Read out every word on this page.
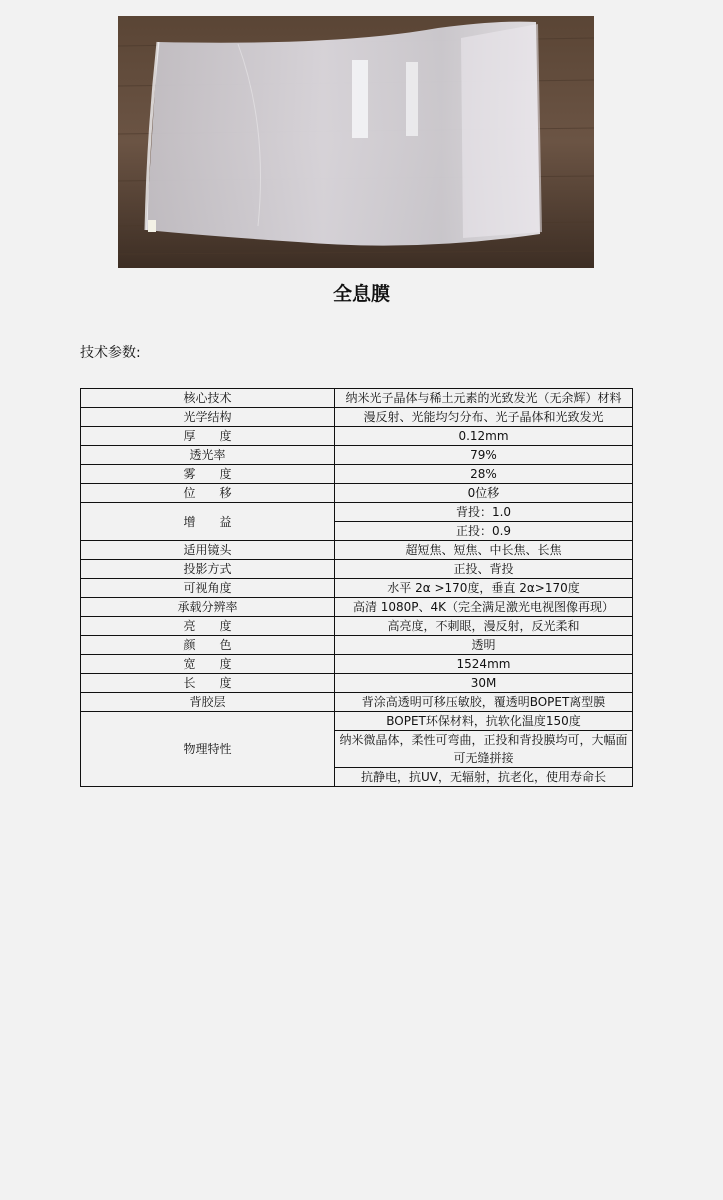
全息膜
技术参数:
核心技术	纳米光子晶体与稀土元素的光致发光（无余辉）材料
光学结构	漫反射、光能均匀分布、光子晶体和光致发光
厚　　度	0.12mm
透光率	79%
雾　　度	28%
位　　移	0位移
增　　益	背投：1.0
	正投：0.9
适用镜头	超短焦、短焦、中长焦、长焦
投影方式	正投、背投
可视角度	水平 2α >170度，垂直 2α>170度
承载分辨率	高清 1080P、4K（完全满足激光电视图像再现）
亮　　度	高亮度，不刺眼，漫反射，反光柔和
颜　　色	透明
宽　　度	1524mm
长　　度	30M
背胶层	背涂高透明可移压敏胶，覆透明BOPET离型膜
物理特性	BOPET环保材料，抗软化温度150度
	纳米微晶体，柔性可弯曲，正投和背投膜均可，大幅面可无缝拼接
	抗静电，抗UV，无辐射，抗老化，使用寿命长
